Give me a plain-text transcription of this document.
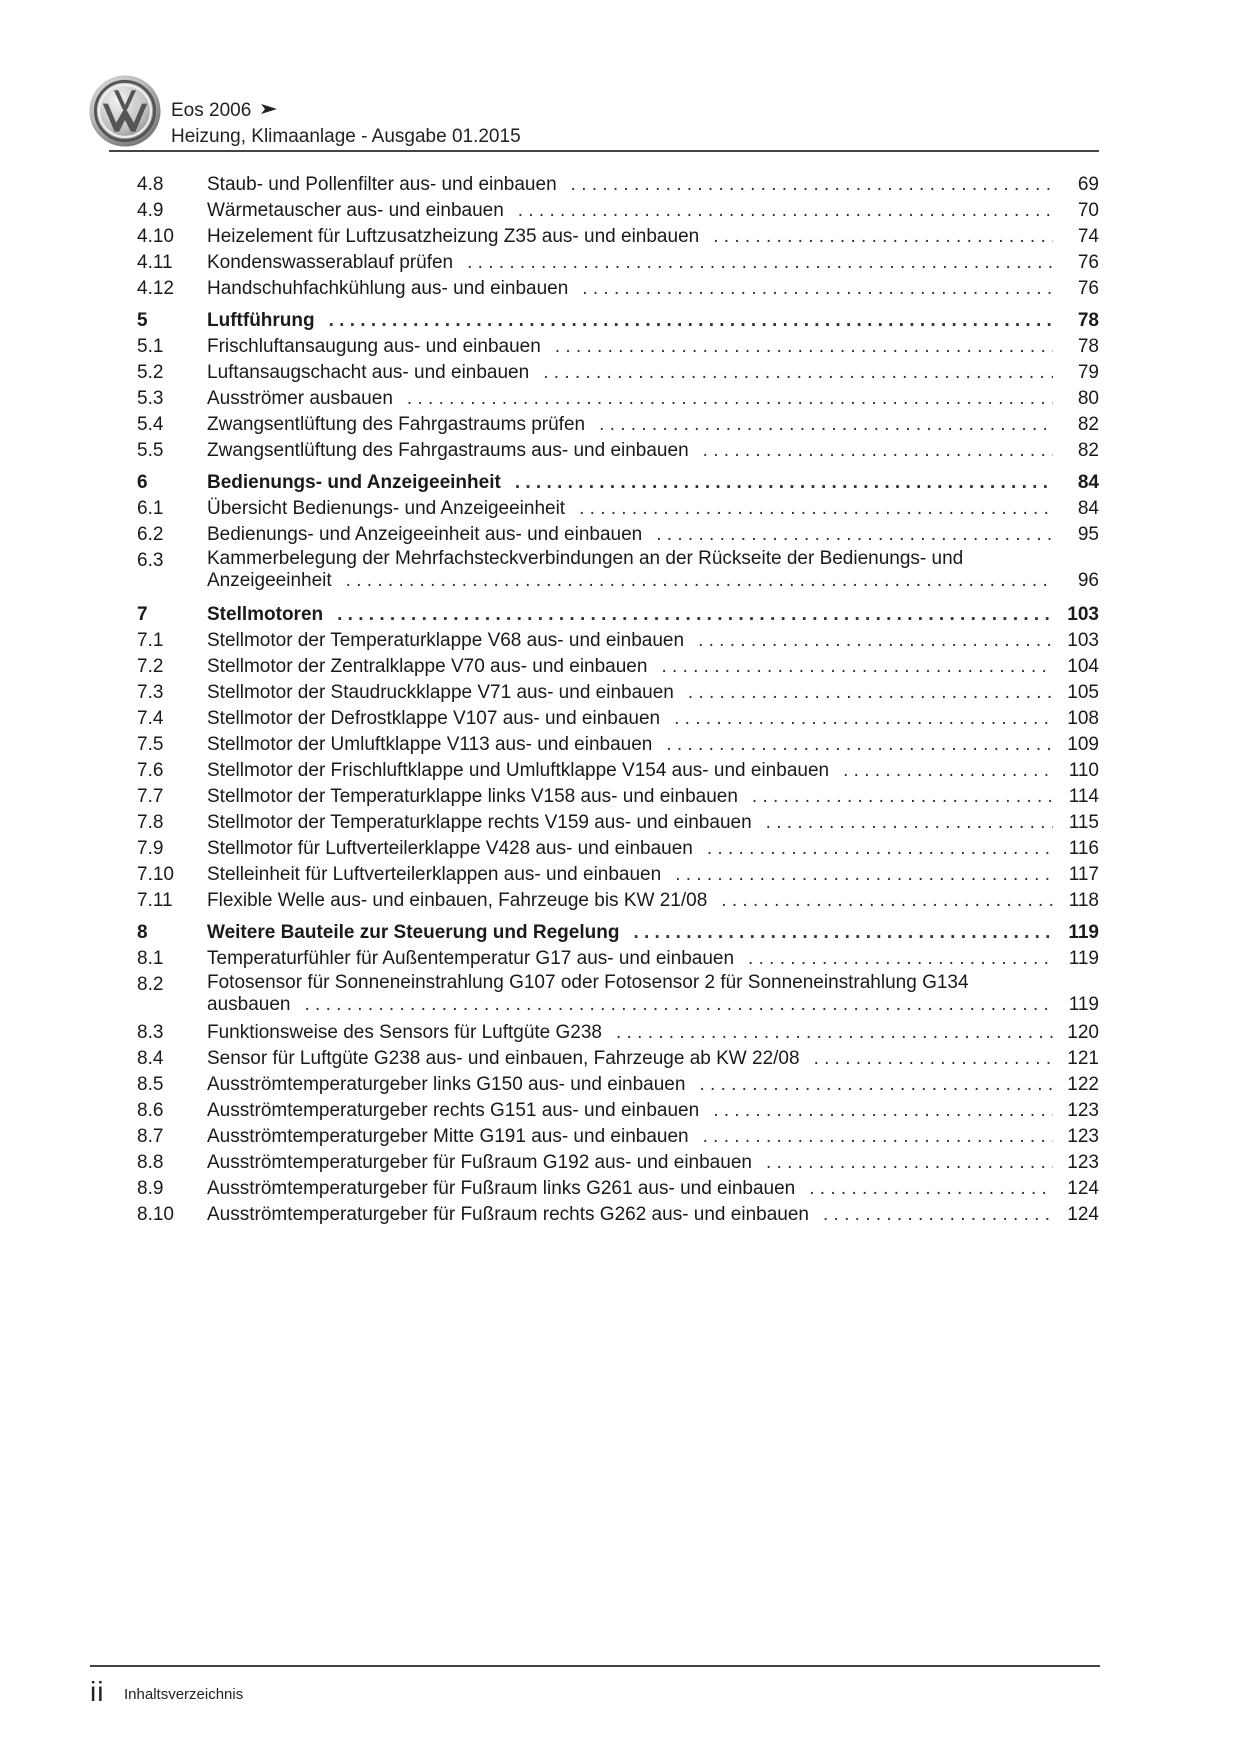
Eos 2006
Heizung, Klimaanlage - Ausgabe 01.2015
4.8	Staub- und Pollenfilter aus- und einbauen . . .	69
4.9	Wärmetauscher aus- und einbauen . . .	70
4.10	Heizelement für Luftzusatzheizung Z35 aus- und einbauen . . .	74
4.11	Kondenswasserablauf prüfen . . .	76
4.12	Handschuhfachkühlung aus- und einbauen . . .	76
5	Luftführung . . .	78
5.1	Frischluftansaugung aus- und einbauen . . .	78
5.2	Luftansaugschacht aus- und einbauen . . .	79
5.3	Ausströmer ausbauen . . .	80
5.4	Zwangsentlüftung des Fahrgastraums prüfen . . .	82
5.5	Zwangsentlüftung des Fahrgastraums aus- und einbauen . . .	82
6	Bedienungs- und Anzeigeeinheit . . .	84
6.1	Übersicht Bedienungs- und Anzeigeeinheit . . .	84
6.2	Bedienungs- und Anzeigeeinheit aus- und einbauen . . .	95
6.3	Kammerbelegung der Mehrfachsteckverbindungen an der Rückseite der Bedienungs- und
Anzeigeeinheit . . .	96
7	Stellmotoren . . .	103
7.1	Stellmotor der Temperaturklappe V68 aus- und einbauen . . .	103
7.2	Stellmotor der Zentralklappe V70 aus- und einbauen . . .	104
7.3	Stellmotor der Staudruckklappe V71 aus- und einbauen . . .	105
7.4	Stellmotor der Defrostklappe V107 aus- und einbauen . . .	108
7.5	Stellmotor der Umluftklappe V113 aus- und einbauen . . .	109
7.6	Stellmotor der Frischluftklappe und Umluftklappe V154 aus- und einbauen . . .	110
7.7	Stellmotor der Temperaturklappe links V158 aus- und einbauen . . .	114
7.8	Stellmotor der Temperaturklappe rechts V159 aus- und einbauen . . .	115
7.9	Stellmotor für Luftverteilerklappe V428 aus- und einbauen . . .	116
7.10	Stelleinheit für Luftverteilerklappen aus- und einbauen . . .	117
7.11	Flexible Welle aus- und einbauen, Fahrzeuge bis KW 21/08 . . .	118
8	Weitere Bauteile zur Steuerung und Regelung . . .	119
8.1	Temperaturfühler für Außentemperatur G17 aus- und einbauen . . .	119
8.2	Fotosensor für Sonneneinstrahlung G107 oder Fotosensor 2 für Sonneneinstrahlung G134
ausbauen . . .	119
8.3	Funktionsweise des Sensors für Luftgüte G238 . . .	120
8.4	Sensor für Luftgüte G238 aus- und einbauen, Fahrzeuge ab KW 22/08 . . .	121
8.5	Ausströmtemperaturgeber links G150 aus- und einbauen . . .	122
8.6	Ausströmtemperaturgeber rechts G151 aus- und einbauen . . .	123
8.7	Ausströmtemperaturgeber Mitte G191 aus- und einbauen . . .	123
8.8	Ausströmtemperaturgeber für Fußraum G192 aus- und einbauen . . .	123
8.9	Ausströmtemperaturgeber für Fußraum links G261 aus- und einbauen . . .	124
8.10	Ausströmtemperaturgeber für Fußraum rechts G262 aus- und einbauen . . .	124
ii Inhaltsverzeichnis
